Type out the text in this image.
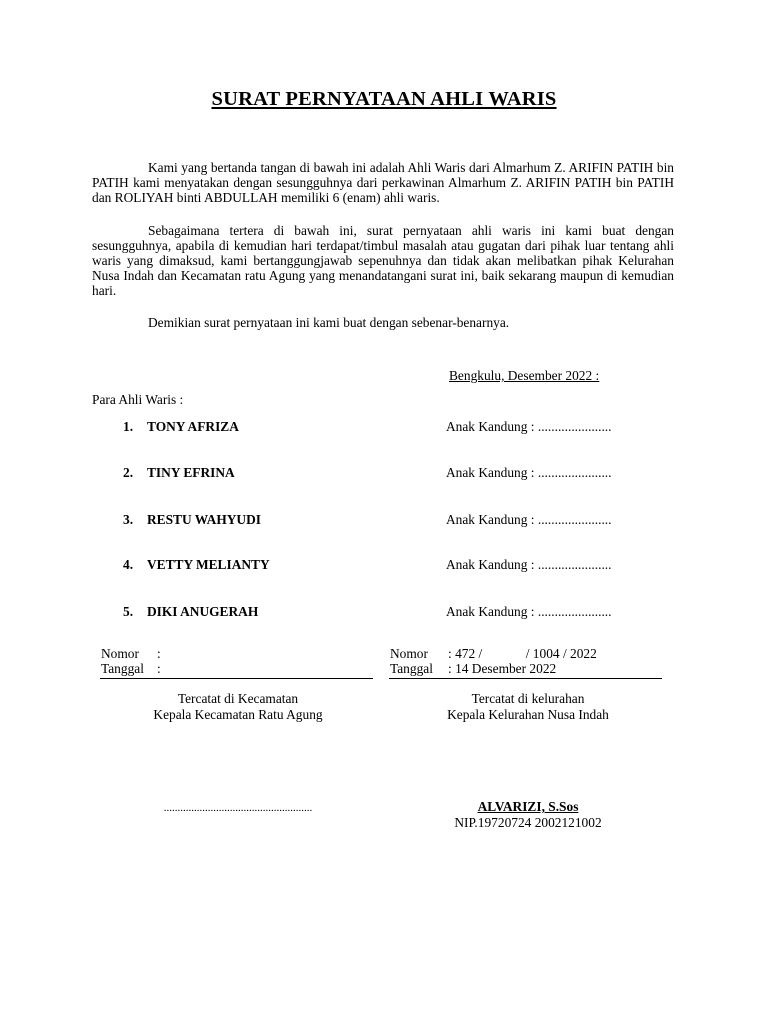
SURAT PERNYATAAN AHLI WARIS

Kami yang bertanda tangan di bawah ini adalah Ahli Waris dari Almarhum Z. ARIFIN PATIH bin PATIH kami menyatakan dengan sesungguhnya dari perkawinan Almarhum Z. ARIFIN PATIH bin PATIH dan ROLIYAH binti ABDULLAH memiliki 6 (enam) ahli waris.

Sebagaimana tertera di bawah ini, surat pernyataan ahli waris ini kami buat dengan sesungguhnya, apabila di kemudian hari terdapat/timbul masalah atau gugatan dari pihak luar tentang ahli waris yang dimaksud, kami bertanggungjawab sepenuhnya dan tidak akan melibatkan pihak Kelurahan Nusa Indah dan Kecamatan ratu Agung yang menandatangani surat ini, baik sekarang maupun di kemudian hari.

Demikian surat pernyataan ini kami buat dengan sebenar-benarnya.

Bengkulu, Desember 2022 :
Para Ahli Waris :
1. TONY AFRIZA	Anak Kandung : ......................
2. TINY EFRINA	Anak Kandung : ......................
3. RESTU WAHYUDI	Anak Kandung : ......................
4. VETTY MELIANTY	Anak Kandung : ......................
5. DIKI ANUGERAH	Anak Kandung : ......................
Nomor :
Tanggal :
Nomor : 472 /             / 1004 / 2022
Tanggal : 14 Desember 2022
Tercatat di Kecamatan
Kepala Kecamatan Ratu Agung
......................................................
Tercatat di kelurahan
Kepala Kelurahan Nusa Indah
ALVARIZI, S.Sos
NIP.19720724 2002121002
